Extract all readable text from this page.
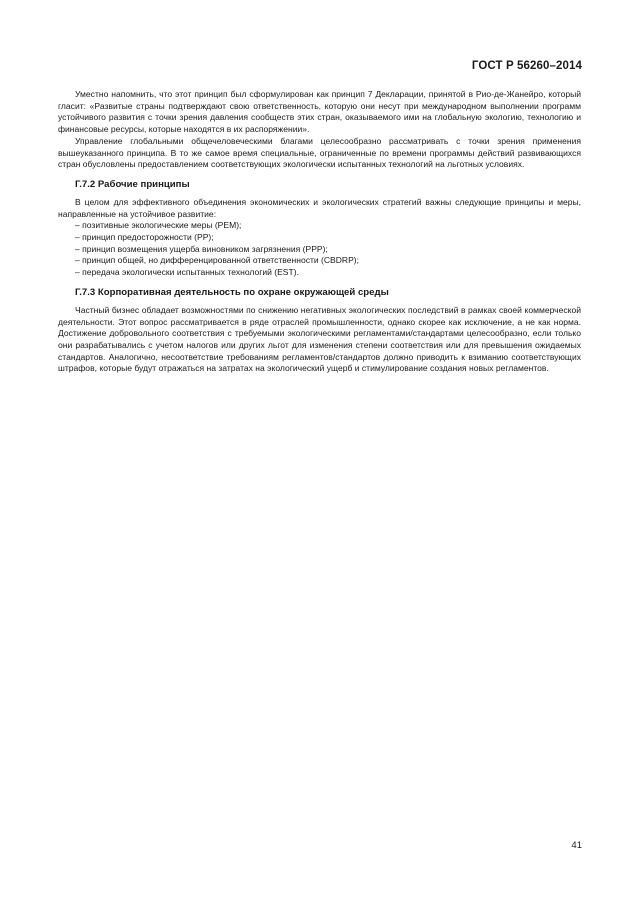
ГОСТ Р 56260–2014

Уместно напомнить, что этот принцип был сформулирован как принцип 7 Декларации, принятой в Рио-де-Жанейро, который гласит: «Развитые страны подтверждают свою ответственность, которую они несут при международном выполнении программ устойчивого развития с точки зрения давления сообществ этих стран, оказываемого ими на глобальную экологию, технологию и финансовые ресурсы, которые находятся в их распоряжении».

Управление глобальными общечеловеческими благами целесообразно рассматривать с точки зрения применения вышеуказанного принципа. В то же самое время специальные, ограниченные по времени программы действий развивающихся стран обусловлены предоставлением соответствующих экологически испытанных технологий на льготных условиях.

Г.7.2 Рабочие принципы

В целом для эффективного объединения экономических и экологических стратегий важны следующие принципы и меры, направленные на устойчивое развитие:

– позитивные экологические меры (PEM);
– принцип предосторожности (PP);
– принцип возмещения ущерба виновником загрязнения (PPP);
– принцип общей, но дифференцированной ответственности (CBDRP);
– передача экологически испытанных технологий (EST).
Г.7.3 Корпоративная деятельность по охране окружающей среды

Частный бизнес обладает возможностями по снижению негативных экологических последствий в рамках своей коммерческой деятельности. Этот вопрос рассматривается в ряде отраслей промышленности, однако скорее как исключение, а не как норма. Достижение добровольного соответствия с требуемыми экологическими регламентами/стандартами целесообразно, если только они разрабатывались с учетом налогов или других льгот для изменения степени соответствия или для превышения ожидаемых стандартов. Аналогично, несоответствие требованиям регламентов/стандартов должно приводить к взиманию соответствующих штрафов, которые будут отражаться на затратах на экологический ущерб и стимулирование создания новых регламентов.

41
